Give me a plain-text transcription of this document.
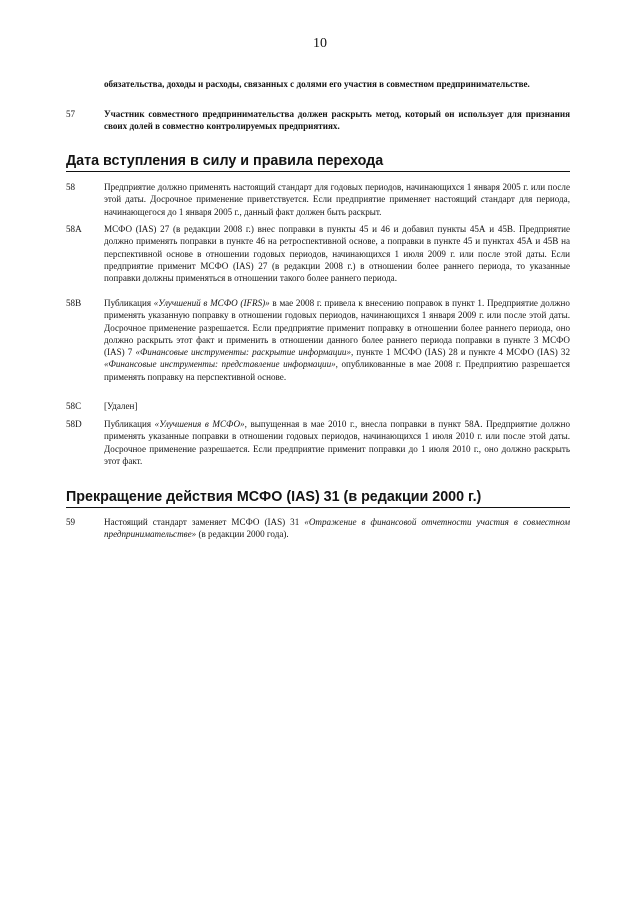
10
обязательства, доходы и расходы, связанных с долями его участия в совместном предпринимательстве.
57	Участник совместного предпринимательства должен раскрыть метод, который он использует для признания своих долей в совместно контролируемых предприятиях.
Дата вступления в силу и правила перехода
58	Предприятие должно применять настоящий стандарт для годовых периодов, начинающихся 1 января 2005 г. или после этой даты. Досрочное применение приветствуется. Если предприятие применяет настоящий стандарт для периода, начинающегося до 1 января 2005 г., данный факт должен быть раскрыт.
58A	МСФО (IAS) 27 (в редакции 2008 г.) внес поправки в пункты 45 и 46 и добавил пункты 45А и 45В. Предприятие должно применять поправки в пункте 46 на ретроспективной основе, а поправки в пункте 45 и пунктах 45А и 45В на перспективной основе в отношении годовых периодов, начинающихся 1 июля 2009 г. или после этой даты. Если предприятие применит МСФО (IAS) 27 (в редакции 2008 г.) в отношении более раннего периода, то указанные поправки должны применяться в отношении такого более раннего периода.
58B	Публикация «Улучшений в МСФО (IFRS)» в мае 2008 г. привела к внесению поправок в пункт 1. Предприятие должно применять указанную поправку в отношении годовых периодов, начинающихся 1 января 2009 г. или после этой даты. Досрочное применение разрешается. Если предприятие применит поправку в отношении более раннего периода, оно должно раскрыть этот факт и применить в отношении данного более раннего периода поправки в пункте 3 МСФО (IAS) 7 «Финансовые инструменты: раскрытие информации», пункте 1 МСФО (IAS) 28 и пункте 4 МСФО (IAS) 32 «Финансовые инструменты: представление информации», опубликованные в мае 2008 г. Предприятию разрешается применять поправку на перспективной основе.
58C	[Удален]
58D	Публикация «Улучшения в МСФО», выпущенная в мае 2010 г., внесла поправки в пункт 58А. Предприятие должно применять указанные поправки в отношении годовых периодов, начинающихся 1 июля 2010 г. или после этой даты. Досрочное применение разрешается. Если предприятие применит поправки до 1 июля 2010 г., оно должно раскрыть этот факт.
Прекращение действия МСФО (IAS) 31 (в редакции 2000 г.)
59	Настоящий стандарт заменяет МСФО (IAS) 31 «Отражение в финансовой отчетности участия в совместном предпринимательстве» (в редакции 2000 года).
